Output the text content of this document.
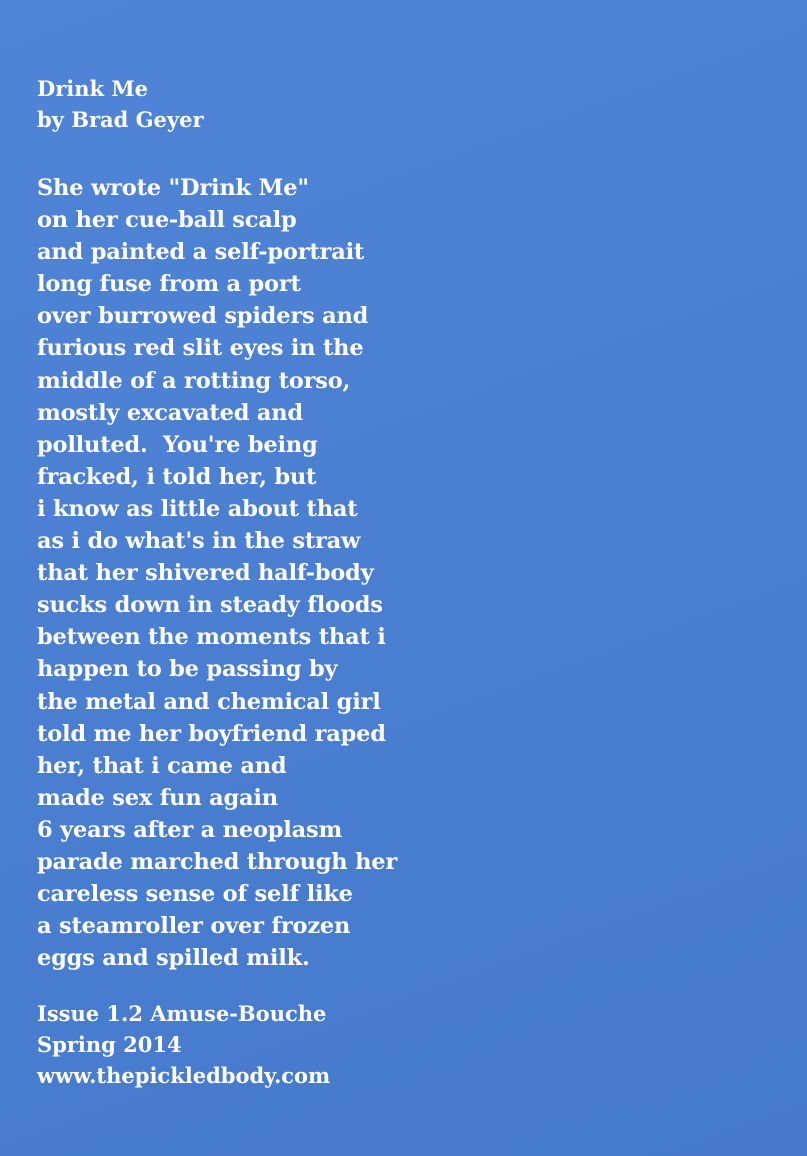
Drink Me
by Brad Geyer
She wrote "Drink Me"
on her cue-ball scalp
and painted a self-portrait
long fuse from a port
over burrowed spiders and
furious red slit eyes in the
middle of a rotting torso,
mostly excavated and
polluted.  You're being
fracked, i told her, but
i know as little about that
as i do what's in the straw
that her shivered half-body
sucks down in steady floods
between the moments that i
happen to be passing by
the metal and chemical girl
told me her boyfriend raped
her, that i came and
made sex fun again
6 years after a neoplasm
parade marched through her
careless sense of self like
a steamroller over frozen
eggs and spilled milk.
Issue 1.2 Amuse-Bouche
Spring 2014
www.thepickledbody.com
